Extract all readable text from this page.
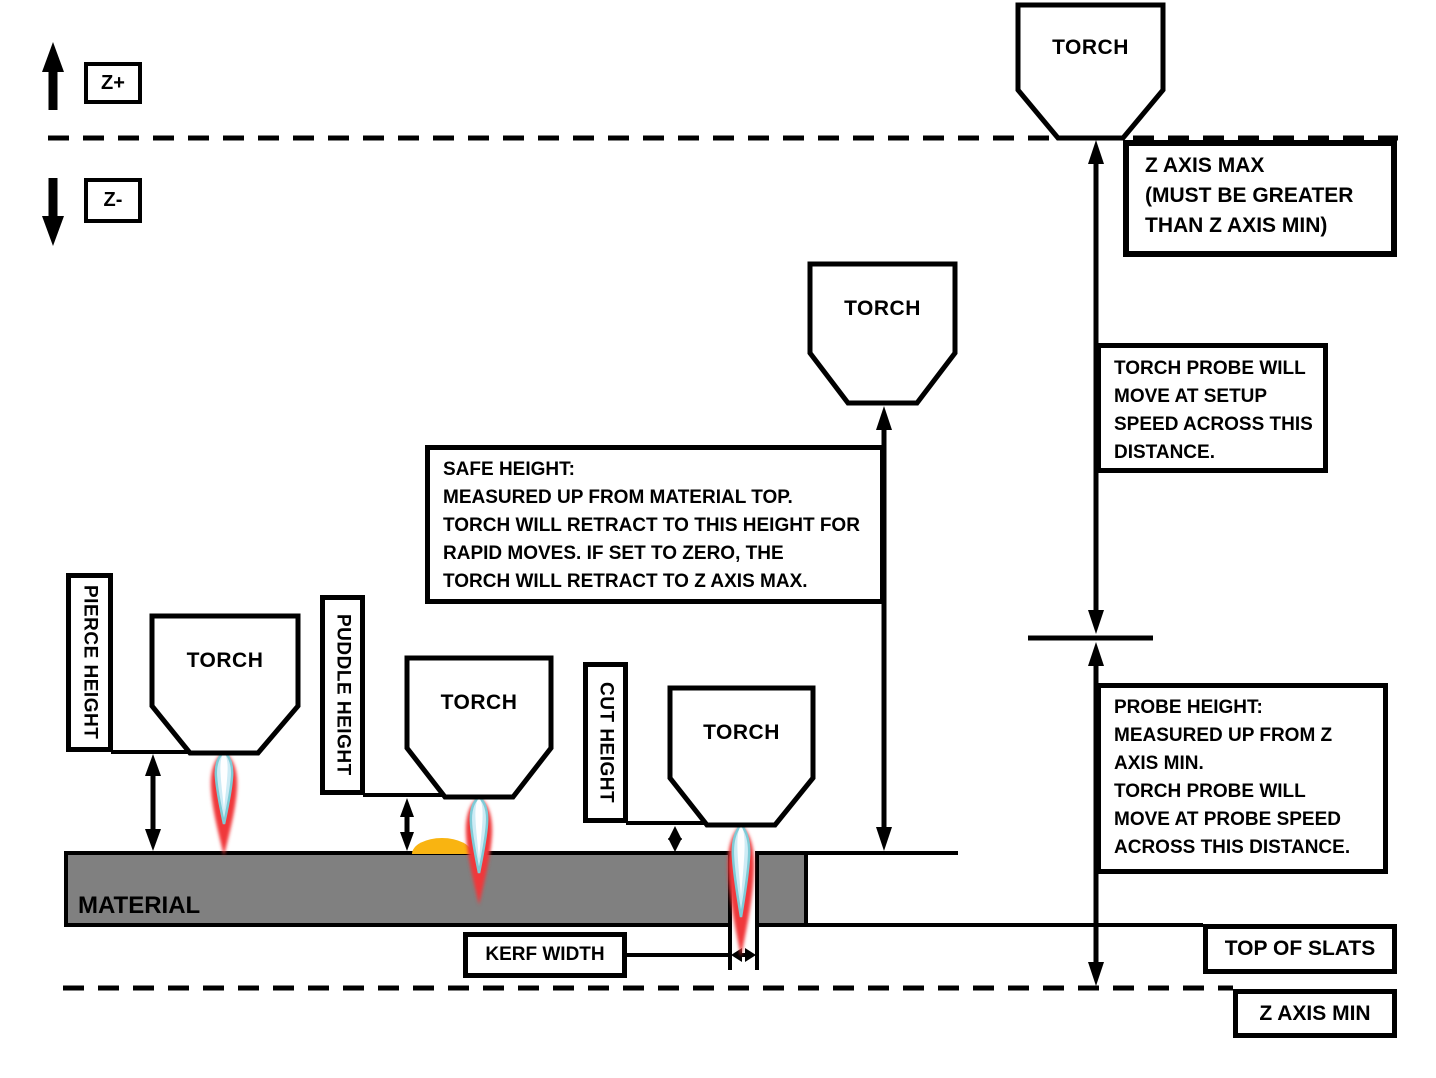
TORCH
TORCH
TORCH
TORCH
TORCH
Z+
Z-
Z AXIS MAX
(MUST BE GREATER
THAN Z AXIS MIN)
TORCH PROBE WILL
MOVE AT SETUP
SPEED ACROSS THIS
DISTANCE.
PROBE HEIGHT:
MEASURED UP FROM Z
AXIS MIN.
TORCH PROBE WILL
MOVE AT PROBE SPEED
ACROSS THIS DISTANCE.
SAFE HEIGHT:
MEASURED UP FROM MATERIAL TOP.
TORCH WILL RETRACT TO THIS HEIGHT FOR
RAPID MOVES. IF SET TO ZERO, THE
TORCH WILL RETRACT TO Z AXIS MAX.
KERF WIDTH	TOP OF SLATS
Z AXIS MIN
PIERCE HEIGHT	PUDDLE HEIGHT	CUT HEIGHT
MATERIAL
